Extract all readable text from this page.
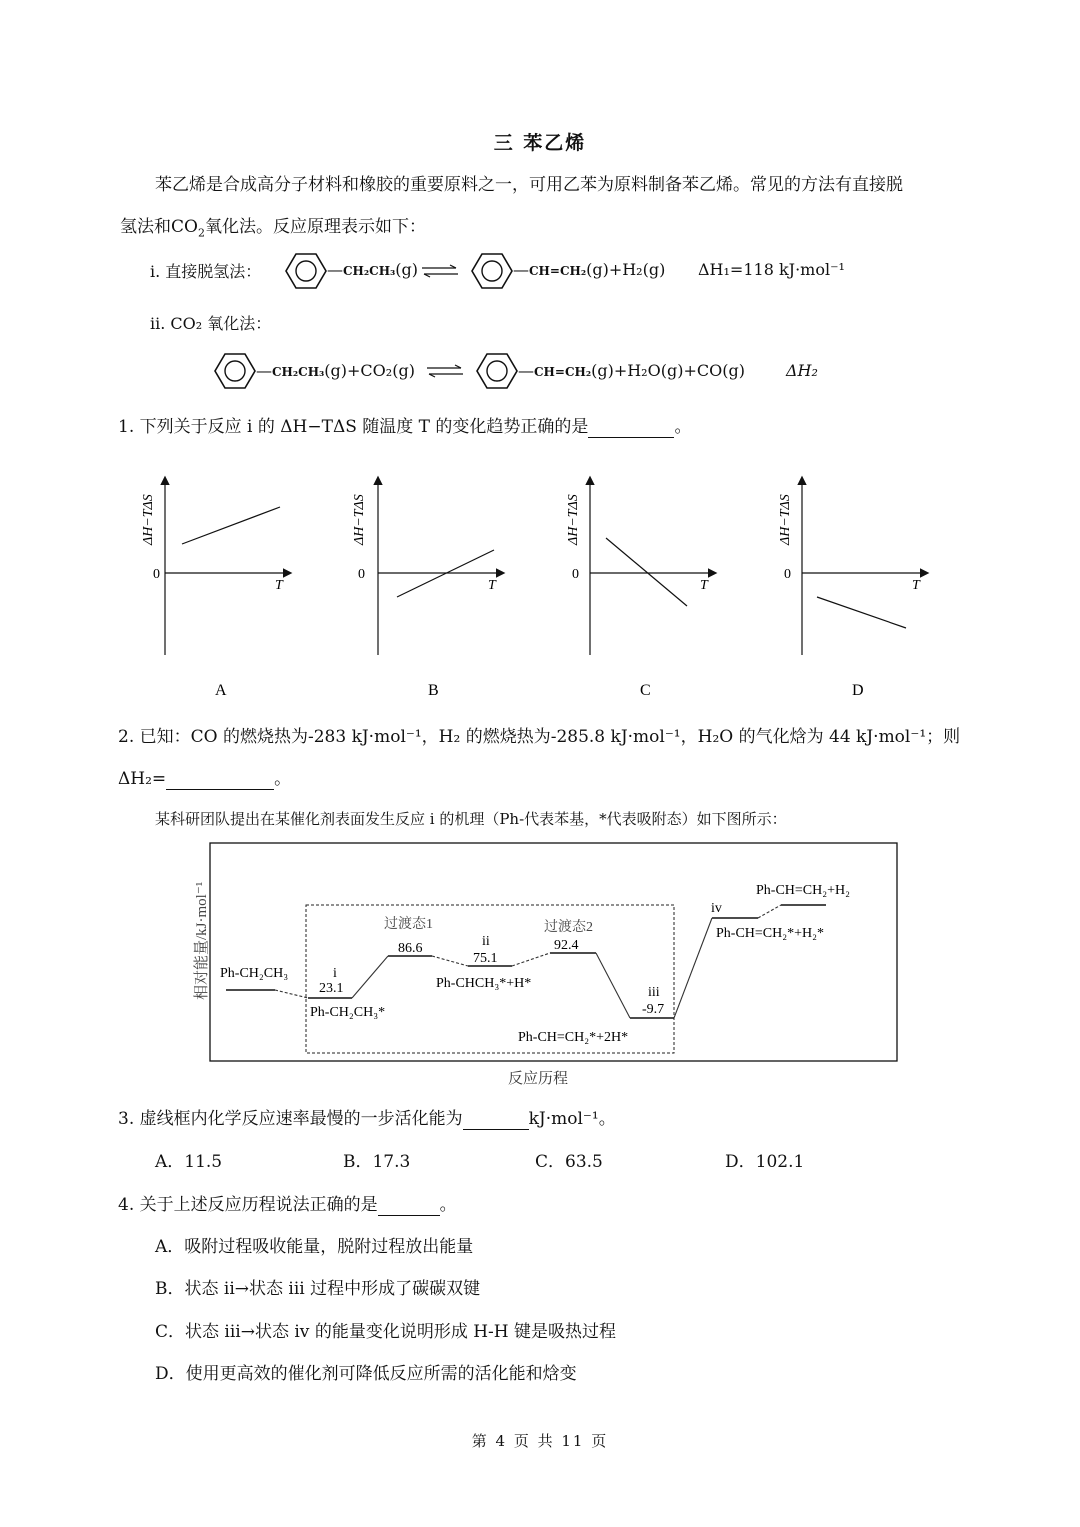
三 苯乙烯
苯乙烯是合成高分子材料和橡胶的重要原料之一，可用乙苯为原料制备苯乙烯。常见的方法有直接脱
氢法和$CO_2$氧化法。反应原理表示如下：
i. 直接脱氢法：	—CH₂CH₃(g) ⇌	—CH=CH₂(g)+H₂(g) ΔH₁=118 kJ·mol⁻¹
ii. CO₂ 氧化法：
—CH₂CH₃(g)+CO₂(g) ⇌	—CH=CH₂(g)+H₂O(g)+CO(g)	ΔH₂
1. 下列关于反应 i 的 ΔH−TΔS 随温度 T 的变化趋势正确的是	。
0
T
ΔH−TΔS
A
0
T
ΔH−TΔS
B
0
T
ΔH−TΔS
C
0
T
ΔH−TΔS
D
2. 已知：CO 的燃烧热为-283 kJ·mol⁻¹，H₂ 的燃烧热为-285.8 kJ·mol⁻¹，H₂O 的气化焓为 44 kJ·mol⁻¹；则
ΔH₂=	。
某科研团队提出在某催化剂表面发生反应 i 的机理（Ph-代表苯基，*代表吸附态）如下图所示：
相对能量/kJ·mol⁻¹
反应历程
Ph-CH₂CH₃	i
23.1
Ph-CH₂CH₃*
过渡态1
86.6	ii
75.1
Ph-CHCH₃*+H*
过渡态2
92.4
iii
-9.7
Ph-CH=CH₂*+2H*
iv
Ph-CH=CH₂*+H₂*
Ph-CH=CH₂+H₂
3. 虚线框内化学反应速率最慢的一步活化能为	kJ·mol⁻¹。
A．11.5	B．17.3	C．63.5	D．102.1
4. 关于上述反应历程说法正确的是	。
A．吸附过程吸收能量，脱附过程放出能量
B．状态 ii→状态 iii 过程中形成了碳碳双键
C．状态 iii→状态 iv 的能量变化说明形成 H-H 键是吸热过程
D．使用更高效的催化剂可降低反应所需的活化能和焓变
第 4 页 共 11 页
